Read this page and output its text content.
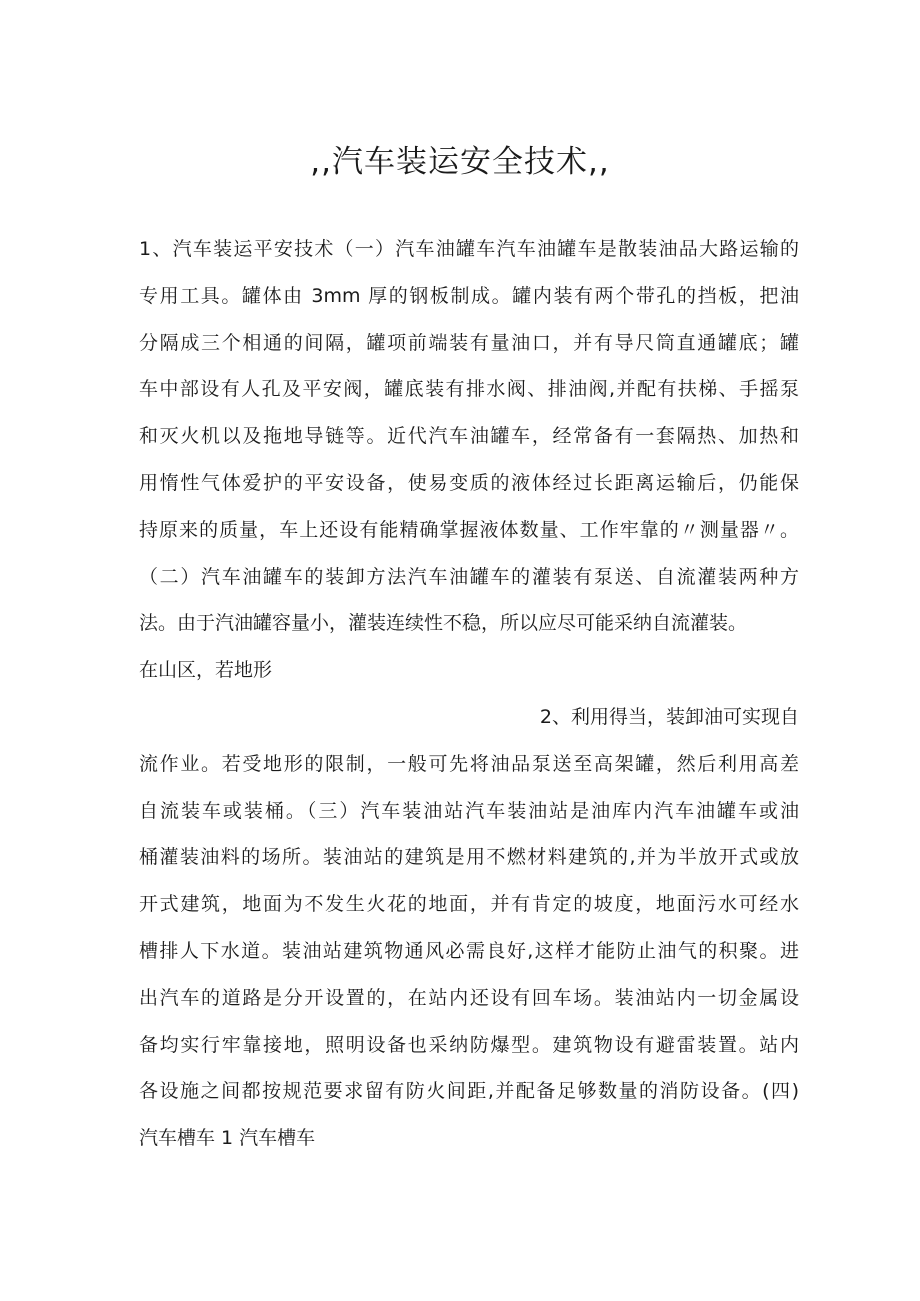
,,汽车装运安全技术,,
1、汽车装运平安技术（一）汽车油罐车汽车油罐车是散装油品大路运输的
专用工具。罐体由 3mm 厚的钢板制成。罐内装有两个带孔的挡板，把油
分隔成三个相通的间隔，罐项前端装有量油口，并有导尺筒直通罐底；罐
车中部设有人孔及平安阀，罐底装有排水阀、排油阀,并配有扶梯、手摇泵
和灭火机以及拖地导链等。近代汽车油罐车，经常备有一套隔热、加热和
用惰性气体爱护的平安设备，使易变质的液体经过长距离运输后，仍能保
持原来的质量，车上还设有能精确掌握液体数量、工作牢靠的〃测量器〃。
（二）汽车油罐车的装卸方法汽车油罐车的灌装有泵送、自流灌装两种方
法。由于汽油罐容量小，灌装连续性不稳，所以应尽可能采纳自流灌装。
在山区，若地形
2、利用得当，装卸油可实现自
流作业。若受地形的限制，一般可先将油品泵送至高架罐，然后利用高差
自流装车或装桶。（三）汽车装油站汽车装油站是油库内汽车油罐车或油
桶灌装油料的场所。装油站的建筑是用不燃材料建筑的,并为半放开式或放
开式建筑，地面为不发生火花的地面，并有肯定的坡度，地面污水可经水
槽排人下水道。装油站建筑物通风必需良好,这样才能防止油气的积聚。进
出汽车的道路是分开设置的，在站内还设有回车场。装油站内一切金属设
备均实行牢靠接地，照明设备也采纳防爆型。建筑物设有避雷装置。站内
各设施之间都按规范要求留有防火间距,并配备足够数量的消防设备。(四)
汽车槽车 1 汽车槽车
